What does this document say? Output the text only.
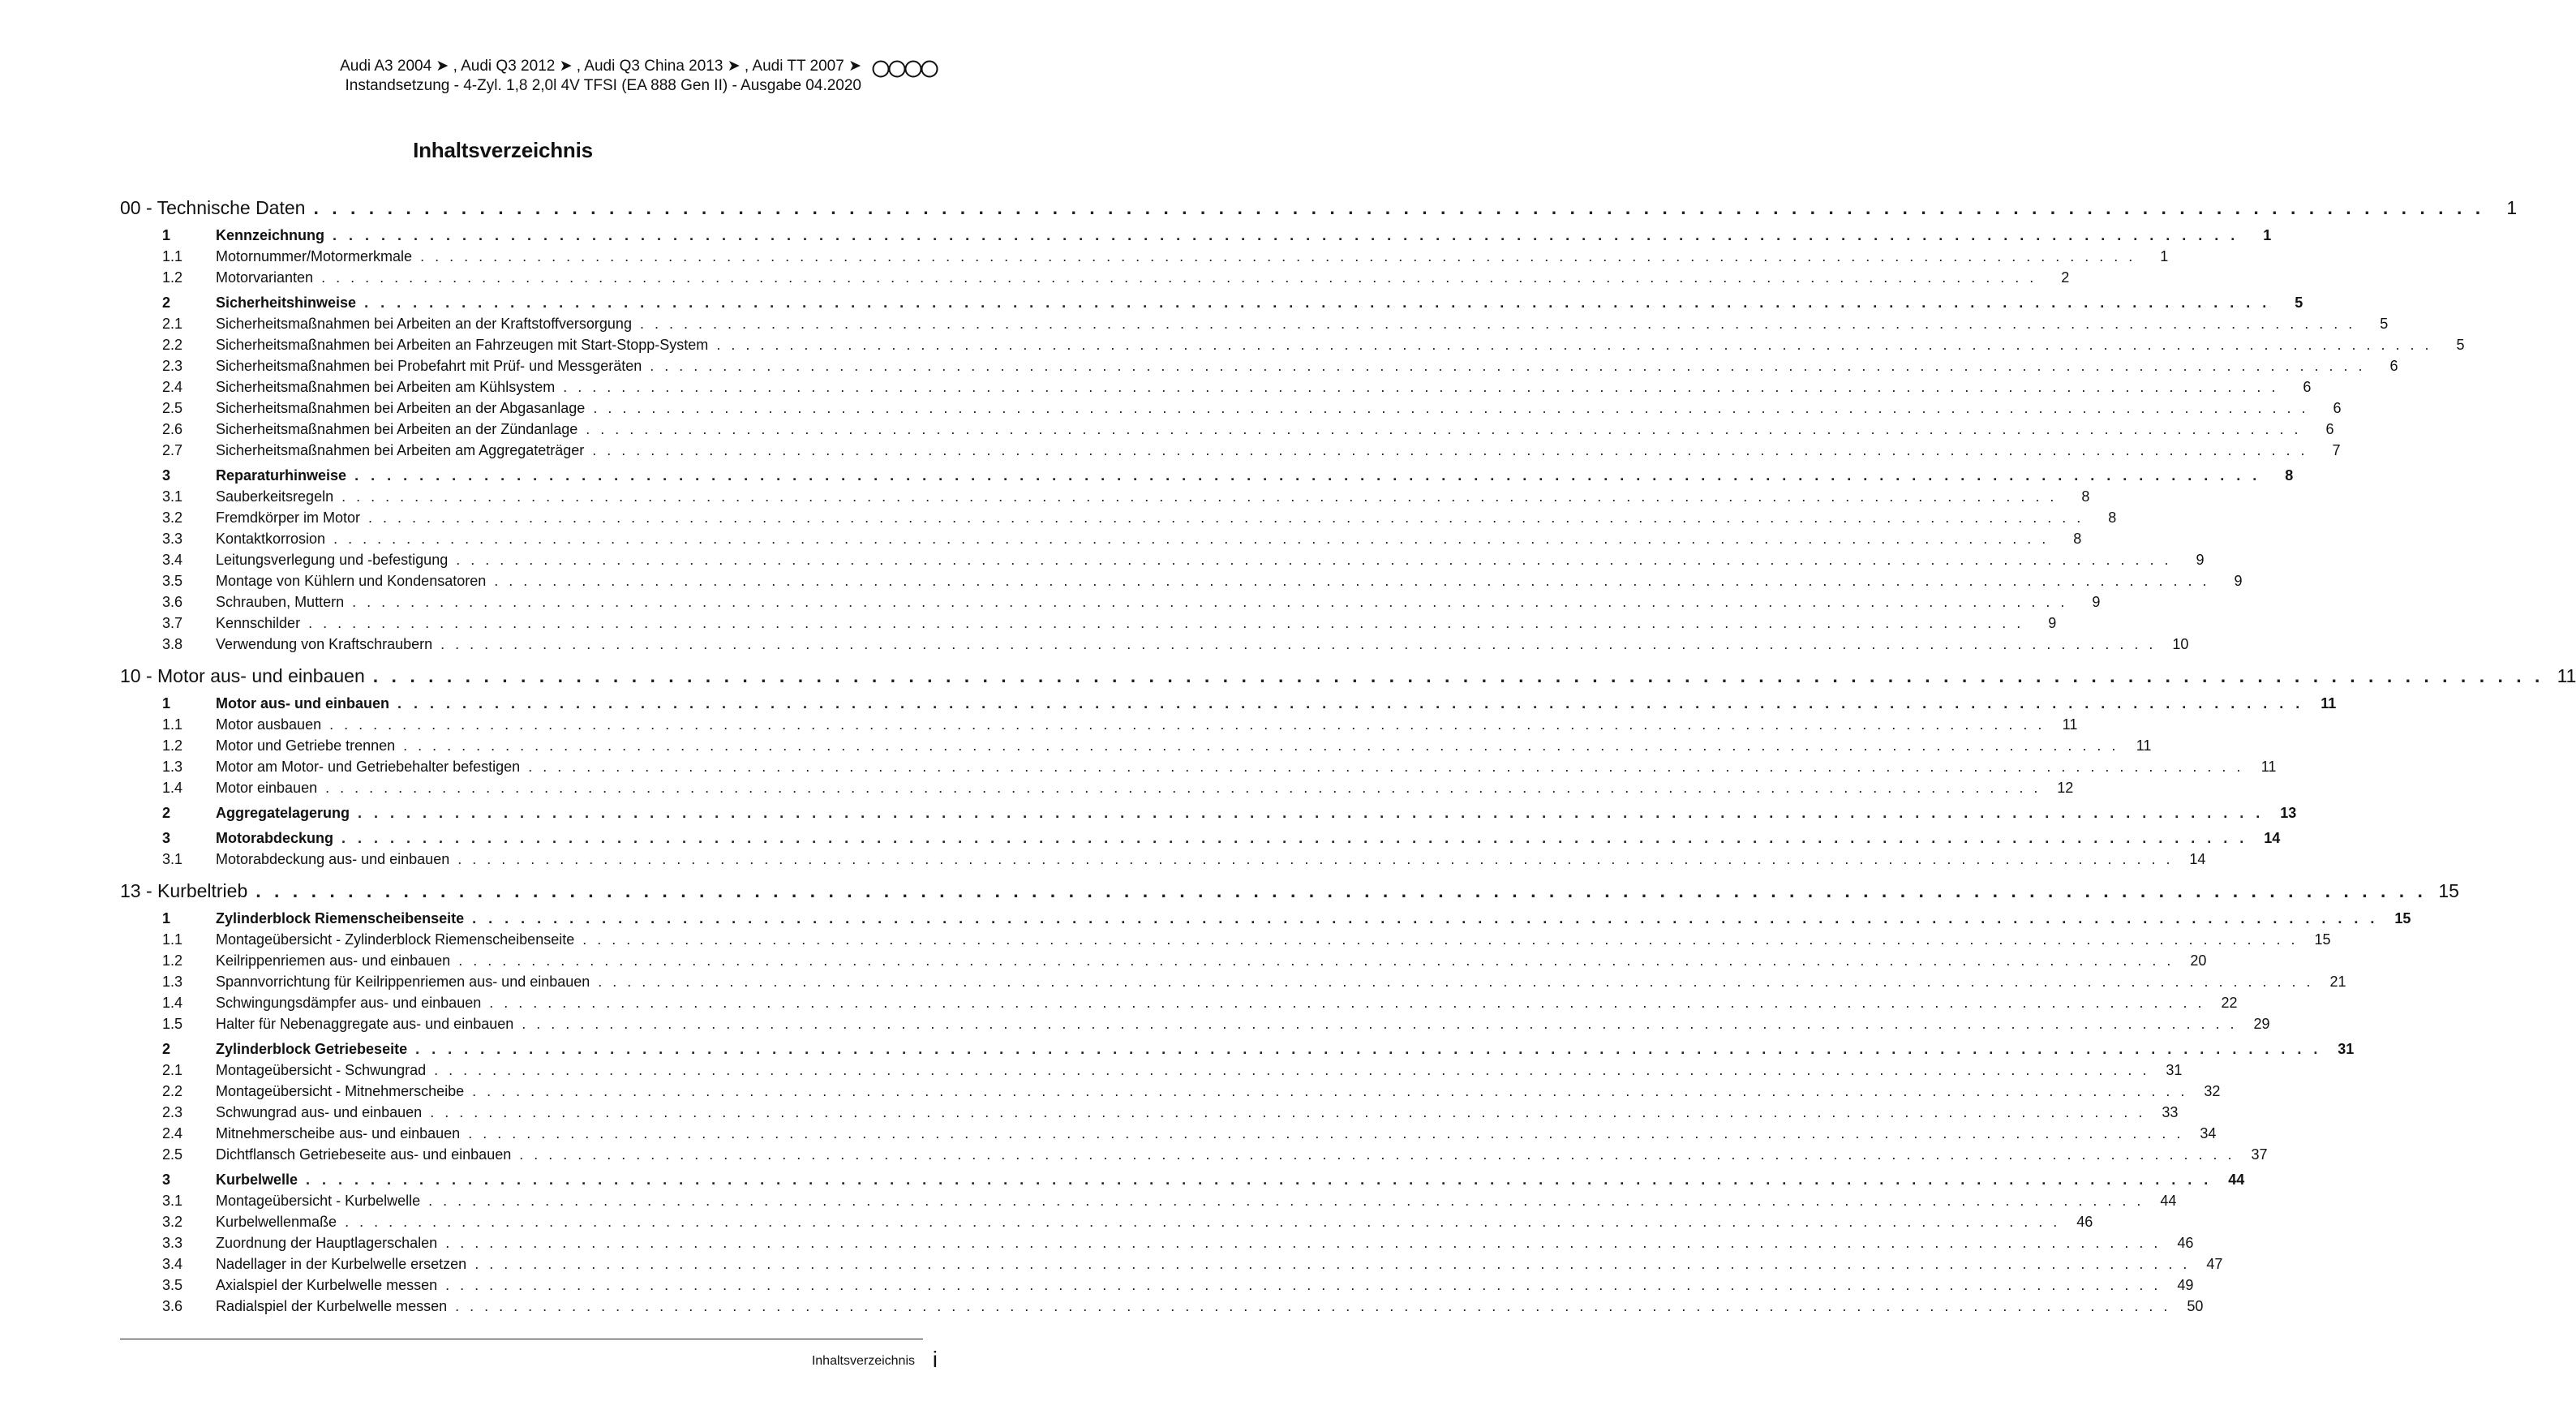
Audi A3 2004 ➤ , Audi Q3 2012 ➤ , Audi Q3 China 2013 ➤ , Audi TT 2007 ➤
Instandsetzung - 4-Zyl. 1,8 2,0l 4V TFSI (EA 888 Gen II) - Ausgabe 04.2020
Inhaltsverzeichnis
00 - Technische Daten . . . . . . . . . . . . . . . . . . . . . . . . . . . . . . . . . . . . . . . . . . . . . . . . . . . . . . . . . . . . . . . . . . . . . . . . . . . . . . . . . . . . . . . . . . . . . . . . . . . . . . . . . . . . . . . . . . . . . .	1
1	Kennzeichnung . . . . . . . . . . . . . . . . . . . . . . . . . . . . . . . . . . . . . . . . . . . . . . . . . . . . . . . . . . . . . . . . . . . . . . . . . . . . . . . . . . . . . . . . . . . . . . . . . . . . . . . . . . . . . . . . . . . . . .	1
1.1	Motornummer/Motormerkmale . . . . . . . . . . . . . . . . . . . . . . . . . . . . . . . . . . . . . . . . . . . . . . . . . . . . . . . . . . . . . . . . . . . . . . . . . . . . . . . . . . . . . . . . . . . . . . . . . . . . . . . . . . . . . . . . . . . . . .	1
1.2	Motorvarianten . . . . . . . . . . . . . . . . . . . . . . . . . . . . . . . . . . . . . . . . . . . . . . . . . . . . . . . . . . . . . . . . . . . . . . . . . . . . . . . . . . . . . . . . . . . . . . . . . . . . . . . . . . . . . . . . . . . . . .	2
2	Sicherheitshinweise . . . . . . . . . . . . . . . . . . . . . . . . . . . . . . . . . . . . . . . . . . . . . . . . . . . . . . . . . . . . . . . . . . . . . . . . . . . . . . . . . . . . . . . . . . . . . . . . . . . . . . . . . . . . . . . . . . . . . .	5
2.1	Sicherheitsmaßnahmen bei Arbeiten an der Kraftstoffversorgung . . . . . . . . . . . . . . . . . . . . . . . . . . . . . . . . . . . . . . . . . . . . . . . . . . . . . . . . . . . . . . . . . . . . . . . . . . . . . . . . . . . . . . . . . . . . . . . . . . . . . . . . . . . . . . . . . . . . . .	5
2.2	Sicherheitsmaßnahmen bei Arbeiten an Fahrzeugen mit Start-Stopp-System . . . . . . . . . . . . . . . . . . . . . . . . . . . . . . . . . . . . . . . . . . . . . . . . . . . . . . . . . . . . . . . . . . . . . . . . . . . . . . . . . . . . . . . . . . . . . . . . . . . . . . . . . . . . . . . . . . . . . .	5
2.3	Sicherheitsmaßnahmen bei Probefahrt mit Prüf- und Messgeräten . . . . . . . . . . . . . . . . . . . . . . . . . . . . . . . . . . . . . . . . . . . . . . . . . . . . . . . . . . . . . . . . . . . . . . . . . . . . . . . . . . . . . . . . . . . . . . . . . . . . . . . . . . . . . . . . . . . . . .	6
2.4	Sicherheitsmaßnahmen bei Arbeiten am Kühlsystem . . . . . . . . . . . . . . . . . . . . . . . . . . . . . . . . . . . . . . . . . . . . . . . . . . . . . . . . . . . . . . . . . . . . . . . . . . . . . . . . . . . . . . . . . . . . . . . . . . . . . . . . . . . . . . . . . . . . . .	6
2.5	Sicherheitsmaßnahmen bei Arbeiten an der Abgasanlage . . . . . . . . . . . . . . . . . . . . . . . . . . . . . . . . . . . . . . . . . . . . . . . . . . . . . . . . . . . . . . . . . . . . . . . . . . . . . . . . . . . . . . . . . . . . . . . . . . . . . . . . . . . . . . . . . . . . . .	6
2.6	Sicherheitsmaßnahmen bei Arbeiten an der Zündanlage . . . . . . . . . . . . . . . . . . . . . . . . . . . . . . . . . . . . . . . . . . . . . . . . . . . . . . . . . . . . . . . . . . . . . . . . . . . . . . . . . . . . . . . . . . . . . . . . . . . . . . . . . . . . . . . . . . . . . .	6
2.7	Sicherheitsmaßnahmen bei Arbeiten am Aggregateträger . . . . . . . . . . . . . . . . . . . . . . . . . . . . . . . . . . . . . . . . . . . . . . . . . . . . . . . . . . . . . . . . . . . . . . . . . . . . . . . . . . . . . . . . . . . . . . . . . . . . . . . . . . . . . . . . . . . . . .	7
3	Reparaturhinweise . . . . . . . . . . . . . . . . . . . . . . . . . . . . . . . . . . . . . . . . . . . . . . . . . . . . . . . . . . . . . . . . . . . . . . . . . . . . . . . . . . . . . . . . . . . . . . . . . . . . . . . . . . . . . . . . . . . . . .	8
3.1	Sauberkeitsregeln . . . . . . . . . . . . . . . . . . . . . . . . . . . . . . . . . . . . . . . . . . . . . . . . . . . . . . . . . . . . . . . . . . . . . . . . . . . . . . . . . . . . . . . . . . . . . . . . . . . . . . . . . . . . . . . . . . . . . .	8
3.2	Fremdkörper im Motor . . . . . . . . . . . . . . . . . . . . . . . . . . . . . . . . . . . . . . . . . . . . . . . . . . . . . . . . . . . . . . . . . . . . . . . . . . . . . . . . . . . . . . . . . . . . . . . . . . . . . . . . . . . . . . . . . . . . . .	8
3.3	Kontaktkorrosion . . . . . . . . . . . . . . . . . . . . . . . . . . . . . . . . . . . . . . . . . . . . . . . . . . . . . . . . . . . . . . . . . . . . . . . . . . . . . . . . . . . . . . . . . . . . . . . . . . . . . . . . . . . . . . . . . . . . . .	8
3.4	Leitungsverlegung und -befestigung . . . . . . . . . . . . . . . . . . . . . . . . . . . . . . . . . . . . . . . . . . . . . . . . . . . . . . . . . . . . . . . . . . . . . . . . . . . . . . . . . . . . . . . . . . . . . . . . . . . . . . . . . . . . . . . . . . . . . .	9
3.5	Montage von Kühlern und Kondensatoren . . . . . . . . . . . . . . . . . . . . . . . . . . . . . . . . . . . . . . . . . . . . . . . . . . . . . . . . . . . . . . . . . . . . . . . . . . . . . . . . . . . . . . . . . . . . . . . . . . . . . . . . . . . . . . . . . . . . . .	9
3.6	Schrauben, Muttern . . . . . . . . . . . . . . . . . . . . . . . . . . . . . . . . . . . . . . . . . . . . . . . . . . . . . . . . . . . . . . . . . . . . . . . . . . . . . . . . . . . . . . . . . . . . . . . . . . . . . . . . . . . . . . . . . . . . . .	9
3.7	Kennschilder . . . . . . . . . . . . . . . . . . . . . . . . . . . . . . . . . . . . . . . . . . . . . . . . . . . . . . . . . . . . . . . . . . . . . . . . . . . . . . . . . . . . . . . . . . . . . . . . . . . . . . . . . . . . . . . . . . . . . .	9
3.8	Verwendung von Kraftschraubern . . . . . . . . . . . . . . . . . . . . . . . . . . . . . . . . . . . . . . . . . . . . . . . . . . . . . . . . . . . . . . . . . . . . . . . . . . . . . . . . . . . . . . . . . . . . . . . . . . . . . . . . . . . . . . . . . . . . . .	10
10 - Motor aus- und einbauen . . . . . . . . . . . . . . . . . . . . . . . . . . . . . . . . . . . . . . . . . . . . . . . . . . . . . . . . . . . . . . . . . . . . . . . . . . . . . . . . . . . . . . . . . . . . . . . . . . . . . . . . . . . . . . . . . . . . . . 11
1	Motor aus- und einbauen . . . . . . . . . . . . . . . . . . . . . . . . . . . . . . . . . . . . . . . . . . . . . . . . . . . . . . . . . . . . . . . . . . . . . . . . . . . . . . . . . . . . . . . . . . . . . . . . . . . . . . . . . . . . . . . . . . . . . .	11
1.1	Motor ausbauen . . . . . . . . . . . . . . . . . . . . . . . . . . . . . . . . . . . . . . . . . . . . . . . . . . . . . . . . . . . . . . . . . . . . . . . . . . . . . . . . . . . . . . . . . . . . . . . . . . . . . . . . . . . . . . . . . . . . . .	11
1.2	Motor und Getriebe trennen . . . . . . . . . . . . . . . . . . . . . . . . . . . . . . . . . . . . . . . . . . . . . . . . . . . . . . . . . . . . . . . . . . . . . . . . . . . . . . . . . . . . . . . . . . . . . . . . . . . . . . . . . . . . . . . . . . . . . .	11
1.3	Motor am Motor- und Getriebehalter befestigen . . . . . . . . . . . . . . . . . . . . . . . . . . . . . . . . . . . . . . . . . . . . . . . . . . . . . . . . . . . . . . . . . . . . . . . . . . . . . . . . . . . . . . . . . . . . . . . . . . . . . . . . . . . . . . . . . . . . . .	11
1.4	Motor einbauen . . . . . . . . . . . . . . . . . . . . . . . . . . . . . . . . . . . . . . . . . . . . . . . . . . . . . . . . . . . . . . . . . . . . . . . . . . . . . . . . . . . . . . . . . . . . . . . . . . . . . . . . . . . . . . . . . . . . . .	12
2	Aggregatelagerung . . . . . . . . . . . . . . . . . . . . . . . . . . . . . . . . . . . . . . . . . . . . . . . . . . . . . . . . . . . . . . . . . . . . . . . . . . . . . . . . . . . . . . . . . . . . . . . . . . . . . . . . . . . . . . . . . . . . . .	13
3	Motorabdeckung . . . . . . . . . . . . . . . . . . . . . . . . . . . . . . . . . . . . . . . . . . . . . . . . . . . . . . . . . . . . . . . . . . . . . . . . . . . . . . . . . . . . . . . . . . . . . . . . . . . . . . . . . . . . . . . . . . . . . .	14
3.1	Motorabdeckung aus- und einbauen . . . . . . . . . . . . . . . . . . . . . . . . . . . . . . . . . . . . . . . . . . . . . . . . . . . . . . . . . . . . . . . . . . . . . . . . . . . . . . . . . . . . . . . . . . . . . . . . . . . . . . . . . . . . . . . . . . . . . .	14
13 - Kurbeltrieb . . . . . . . . . . . . . . . . . . . . . . . . . . . . . . . . . . . . . . . . . . . . . . . . . . . . . . . . . . . . . . . . . . . . . . . . . . . . . . . . . . . . . . . . . . . . . . . . . . . . . . . . . . . . . . . . . . . . . . 15
1	Zylinderblock Riemenscheibenseite . . . . . . . . . . . . . . . . . . . . . . . . . . . . . . . . . . . . . . . . . . . . . . . . . . . . . . . . . . . . . . . . . . . . . . . . . . . . . . . . . . . . . . . . . . . . . . . . . . . . . . . . . . . . . . . . . . . . . .	15
1.1	Montageübersicht - Zylinderblock Riemenscheibenseite . . . . . . . . . . . . . . . . . . . . . . . . . . . . . . . . . . . . . . . . . . . . . . . . . . . . . . . . . . . . . . . . . . . . . . . . . . . . . . . . . . . . . . . . . . . . . . . . . . . . . . . . . . . . . . . . . . . . . .	15
1.2	Keilrippenriemen aus- und einbauen . . . . . . . . . . . . . . . . . . . . . . . . . . . . . . . . . . . . . . . . . . . . . . . . . . . . . . . . . . . . . . . . . . . . . . . . . . . . . . . . . . . . . . . . . . . . . . . . . . . . . . . . . . . . . . . . . . . . . .	20
1.3	Spannvorrichtung für Keilrippenriemen aus- und einbauen . . . . . . . . . . . . . . . . . . . . . . . . . . . . . . . . . . . . . . . . . . . . . . . . . . . . . . . . . . . . . . . . . . . . . . . . . . . . . . . . . . . . . . . . . . . . . . . . . . . . . . . . . . . . . . . . . . . . . .	21
1.4	Schwingungsdämpfer aus- und einbauen . . . . . . . . . . . . . . . . . . . . . . . . . . . . . . . . . . . . . . . . . . . . . . . . . . . . . . . . . . . . . . . . . . . . . . . . . . . . . . . . . . . . . . . . . . . . . . . . . . . . . . . . . . . . . . . . . . . . . .	22
1.5	Halter für Nebenaggregate aus- und einbauen . . . . . . . . . . . . . . . . . . . . . . . . . . . . . . . . . . . . . . . . . . . . . . . . . . . . . . . . . . . . . . . . . . . . . . . . . . . . . . . . . . . . . . . . . . . . . . . . . . . . . . . . . . . . . . . . . . . . . .	29
2	Zylinderblock Getriebeseite . . . . . . . . . . . . . . . . . . . . . . . . . . . . . . . . . . . . . . . . . . . . . . . . . . . . . . . . . . . . . . . . . . . . . . . . . . . . . . . . . . . . . . . . . . . . . . . . . . . . . . . . . . . . . . . . . . . . . .	31
2.1	Montageübersicht - Schwungrad . . . . . . . . . . . . . . . . . . . . . . . . . . . . . . . . . . . . . . . . . . . . . . . . . . . . . . . . . . . . . . . . . . . . . . . . . . . . . . . . . . . . . . . . . . . . . . . . . . . . . . . . . . . . . . . . . . . . . .	31
2.2	Montageübersicht - Mitnehmerscheibe . . . . . . . . . . . . . . . . . . . . . . . . . . . . . . . . . . . . . . . . . . . . . . . . . . . . . . . . . . . . . . . . . . . . . . . . . . . . . . . . . . . . . . . . . . . . . . . . . . . . . . . . . . . . . . . . . . . . . .	32
2.3	Schwungrad aus- und einbauen . . . . . . . . . . . . . . . . . . . . . . . . . . . . . . . . . . . . . . . . . . . . . . . . . . . . . . . . . . . . . . . . . . . . . . . . . . . . . . . . . . . . . . . . . . . . . . . . . . . . . . . . . . . . . . . . . . . . . .	33
2.4	Mitnehmerscheibe aus- und einbauen . . . . . . . . . . . . . . . . . . . . . . . . . . . . . . . . . . . . . . . . . . . . . . . . . . . . . . . . . . . . . . . . . . . . . . . . . . . . . . . . . . . . . . . . . . . . . . . . . . . . . . . . . . . . . . . . . . . . . .	34
2.5	Dichtflansch Getriebeseite aus- und einbauen . . . . . . . . . . . . . . . . . . . . . . . . . . . . . . . . . . . . . . . . . . . . . . . . . . . . . . . . . . . . . . . . . . . . . . . . . . . . . . . . . . . . . . . . . . . . . . . . . . . . . . . . . . . . . . . . . . . . . .	37
3	Kurbelwelle . . . . . . . . . . . . . . . . . . . . . . . . . . . . . . . . . . . . . . . . . . . . . . . . . . . . . . . . . . . . . . . . . . . . . . . . . . . . . . . . . . . . . . . . . . . . . . . . . . . . . . . . . . . . . . . . . . . . . .	44
3.1	Montageübersicht - Kurbelwelle . . . . . . . . . . . . . . . . . . . . . . . . . . . . . . . . . . . . . . . . . . . . . . . . . . . . . . . . . . . . . . . . . . . . . . . . . . . . . . . . . . . . . . . . . . . . . . . . . . . . . . . . . . . . . . . . . . . . . .	44
3.2	Kurbelwellenmaße . . . . . . . . . . . . . . . . . . . . . . . . . . . . . . . . . . . . . . . . . . . . . . . . . . . . . . . . . . . . . . . . . . . . . . . . . . . . . . . . . . . . . . . . . . . . . . . . . . . . . . . . . . . . . . . . . . . . . .	46
3.3	Zuordnung der Hauptlagerschalen . . . . . . . . . . . . . . . . . . . . . . . . . . . . . . . . . . . . . . . . . . . . . . . . . . . . . . . . . . . . . . . . . . . . . . . . . . . . . . . . . . . . . . . . . . . . . . . . . . . . . . . . . . . . . . . . . . . . . .	46
3.4	Nadellager in der Kurbelwelle ersetzen . . . . . . . . . . . . . . . . . . . . . . . . . . . . . . . . . . . . . . . . . . . . . . . . . . . . . . . . . . . . . . . . . . . . . . . . . . . . . . . . . . . . . . . . . . . . . . . . . . . . . . . . . . . . . . . . . . . . . .	47
3.5	Axialspiel der Kurbelwelle messen . . . . . . . . . . . . . . . . . . . . . . . . . . . . . . . . . . . . . . . . . . . . . . . . . . . . . . . . . . . . . . . . . . . . . . . . . . . . . . . . . . . . . . . . . . . . . . . . . . . . . . . . . . . . . . . . . . . . . .	49
3.6	Radialspiel der Kurbelwelle messen . . . . . . . . . . . . . . . . . . . . . . . . . . . . . . . . . . . . . . . . . . . . . . . . . . . . . . . . . . . . . . . . . . . . . . . . . . . . . . . . . . . . . . . . . . . . . . . . . . . . . . . . . . . . . . . . . . . . . .	50
Inhaltsverzeichnis i
